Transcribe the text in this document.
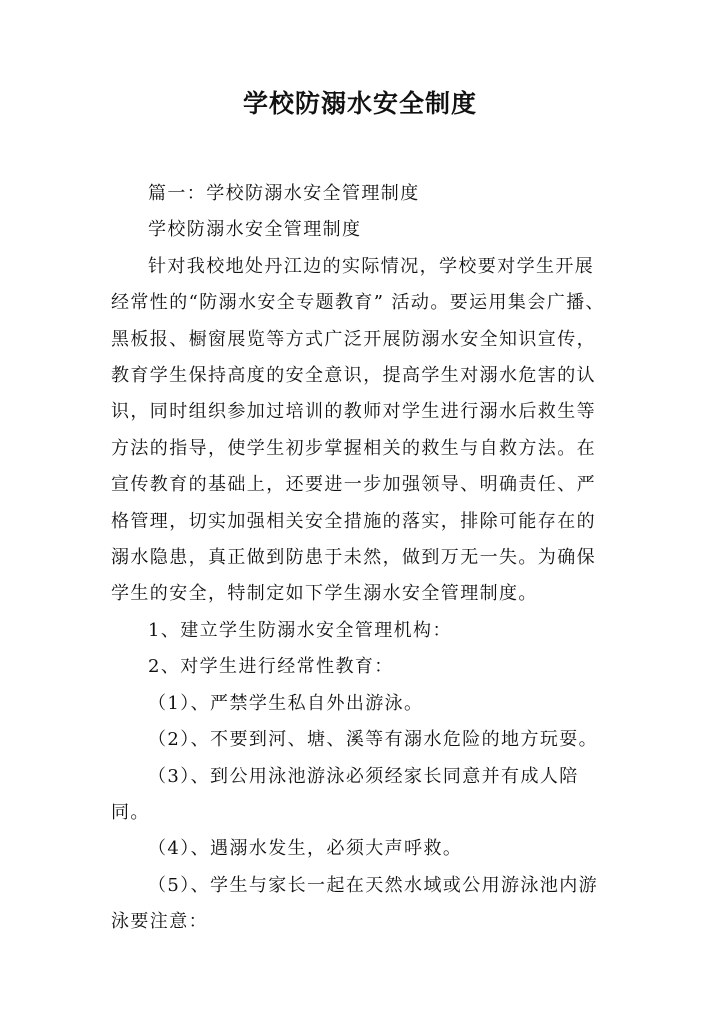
学校防溺水安全制度

篇一：学校防溺水安全管理制度

学校防溺水安全管理制度

针对我校地处丹江边的实际情况，学校要对学生开展经常性的“防溺水安全专题教育” 活动。要运用集会广播、黑板报、橱窗展览等方式广泛开展防溺水安全知识宣传，教育学生保持高度的安全意识，提高学生对溺水危害的认识，同时组织参加过培训的教师对学生进行溺水后救生等方法的指导，使学生初步掌握相关的救生与自救方法。在宣传教育的基础上，还要进一步加强领导、明确责任、严格管理，切实加强相关安全措施的落实，排除可能存在的溺水隐患，真正做到防患于未然，做到万无一失。为确保学生的安全，特制定如下学生溺水安全管理制度。

1、建立学生防溺水安全管理机构：

2、对学生进行经常性教育：

（1）、严禁学生私自外出游泳。

（2）、不要到河、塘、溪等有溺水危险的地方玩耍。

（3）、到公用泳池游泳必须经家长同意并有成人陪同。

（4）、遇溺水发生，必须大声呼救。

（5）、学生与家长一起在天然水域或公用游泳池内游泳要注意：
